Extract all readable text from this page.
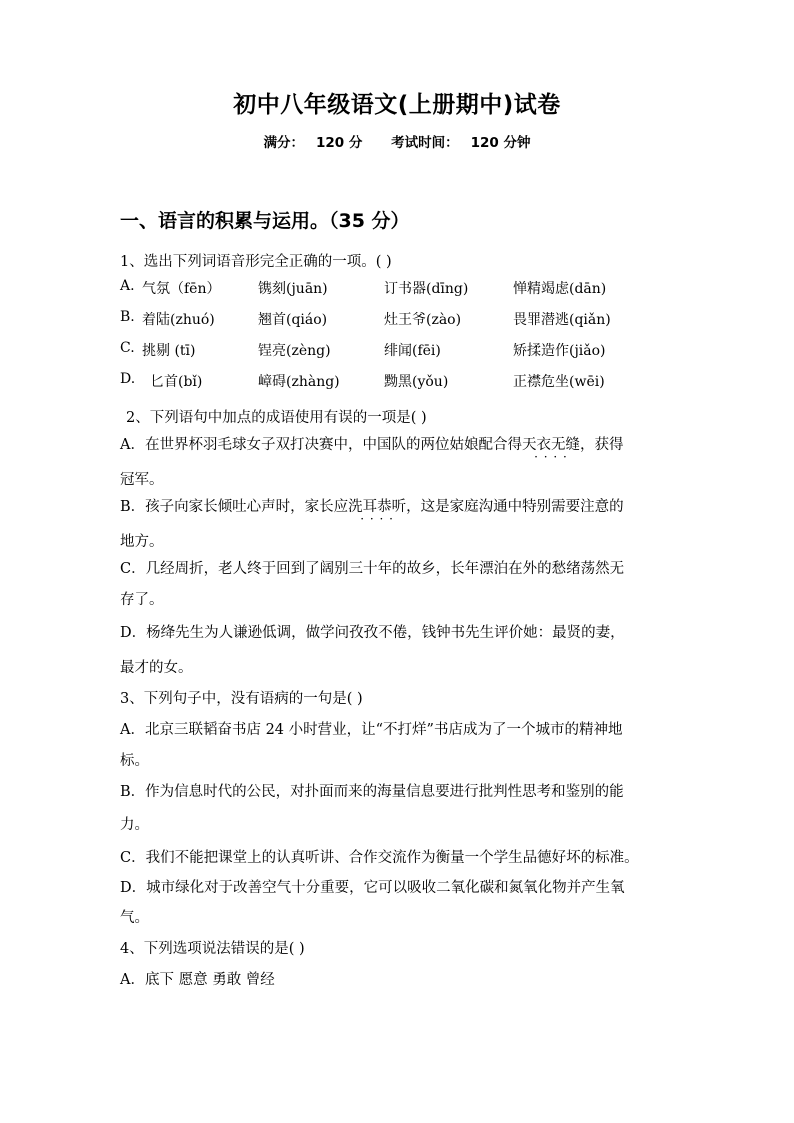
初中八年级语文(上册期中)试卷
满分： 120 分 考试时间： 120 分钟
一、语言的积累与运用。（35 分）
1、选出下列词语音形完全正确的一项。( )
A. 气氛（fēn）	镌刻(juān)	订书器(dīng)	惮精竭虑(dān)
B. 着陆(zhuó)	翘首(qiáo)	灶王爷(zào)	畏罪潜逃(qiǎn)
C. 挑剔 (tī)	锃亮(zèng)	绯闻(fēi)	矫揉造作(jiǎo)
D. 匕首(bǐ)	嶂碍(zhàng)	黝黑(yǒu)	正襟危坐(wēi)
2、下列语句中加点的成语使用有误的一项是( )
A．在世界杯羽毛球女子双打决赛中，中国队的两位姑娘配合得天衣无缝 · · · ·，获得
冠军。
B．孩子向家长倾吐心声时，家长应洗耳恭听 · · · ·，这是家庭沟通中特别需要注意的
地方。
C．几经周折，老人终于回到了阔别三十年的故乡，长年漂泊在外的愁绪荡然无
存了。
D．杨绛先生为人谦逊低调，做学问孜孜不倦，钱钟书先生评价她：最贤的妻，
最才的女。
3、下列句子中，没有语病的一句是( )
A．北京三联韬奋书店 24 小时营业，让“不打烊”书店成为了一个城市的精神地
标。
B．作为信息时代的公民，对扑面而来的海量信息要进行批判性思考和鉴别的能
力。
C．我们不能把课堂上的认真听讲、合作交流作为衡量一个学生品德好坏的标准。
D．城市绿化对于改善空气十分重要，它可以吸收二氧化碳和氮氧化物并产生氧
气。
4、下列选项说法错误的是( )
A．底下 愿意 勇敢 曾经
